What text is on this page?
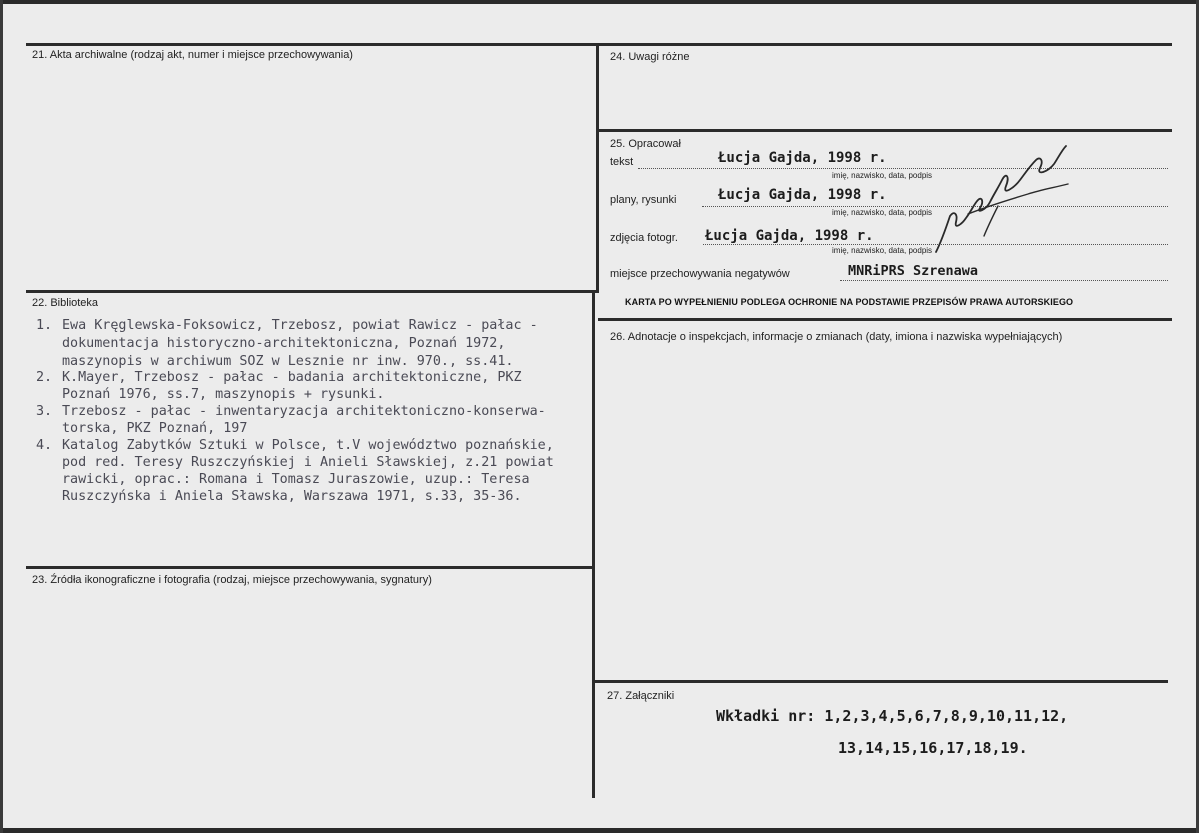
21. Akta archiwalne (rodzaj akt, numer i miejsce przechowywania)
22. Biblioteka
1. Ewa Kręglewska-Foksowicz, Trzebosz, powiat Rawicz - pałac -
dokumentacja historyczno-architektoniczna, Poznań 1972,
maszynopis w archiwum SOZ w Lesznie nr inw. 970., ss.41.
2. K.Mayer, Trzebosz - pałac - badania architektoniczne, PKZ
Poznań 1976, ss.7, maszynopis + rysunki.
3. Trzebosz - pałac - inwentaryzacja architektoniczno-konserwa-
torska, PKZ Poznań, 197
4. Katalog Zabytków Sztuki w Polsce, t.V województwo poznańskie,
pod red. Teresy Ruszczyńskiej i Anieli Sławskiej, z.21 powiat
rawicki, oprac.: Romana i Tomasz Juraszowie, uzup.: Teresa
Ruszczyńska i Aniela Sławska, Warszawa 1971, s.33, 35-36.
23. Źródła ikonograficzne i fotografia (rodzaj, miejsce przechowywania, sygnatury)
24. Uwagi różne
25. Opracował
tekst	Łucja Gajda, 1998 r.
imię, nazwisko, data, podpis
plany, rysunki	Łucja Gajda, 1998 r.
imię, nazwisko, data, podpis
zdjęcia fotogr. Łucja Gajda, 1998 r.
imię, nazwisko, data, podpis
miejsce przechowywania negatywów	MNRiPRS Szrenawa
KARTA PO WYPEŁNIENIU PODLEGA OCHRONIE NA PODSTAWIE PRZEPISÓW PRAWA AUTORSKIEGO
26. Adnotacje o inspekcjach, informacje o zmianach (daty, imiona i nazwiska wypełniających)
27. Załączniki
Wkładki nr: 1,2,3,4,5,6,7,8,9,10,11,12,
13,14,15,16,17,18,19.
